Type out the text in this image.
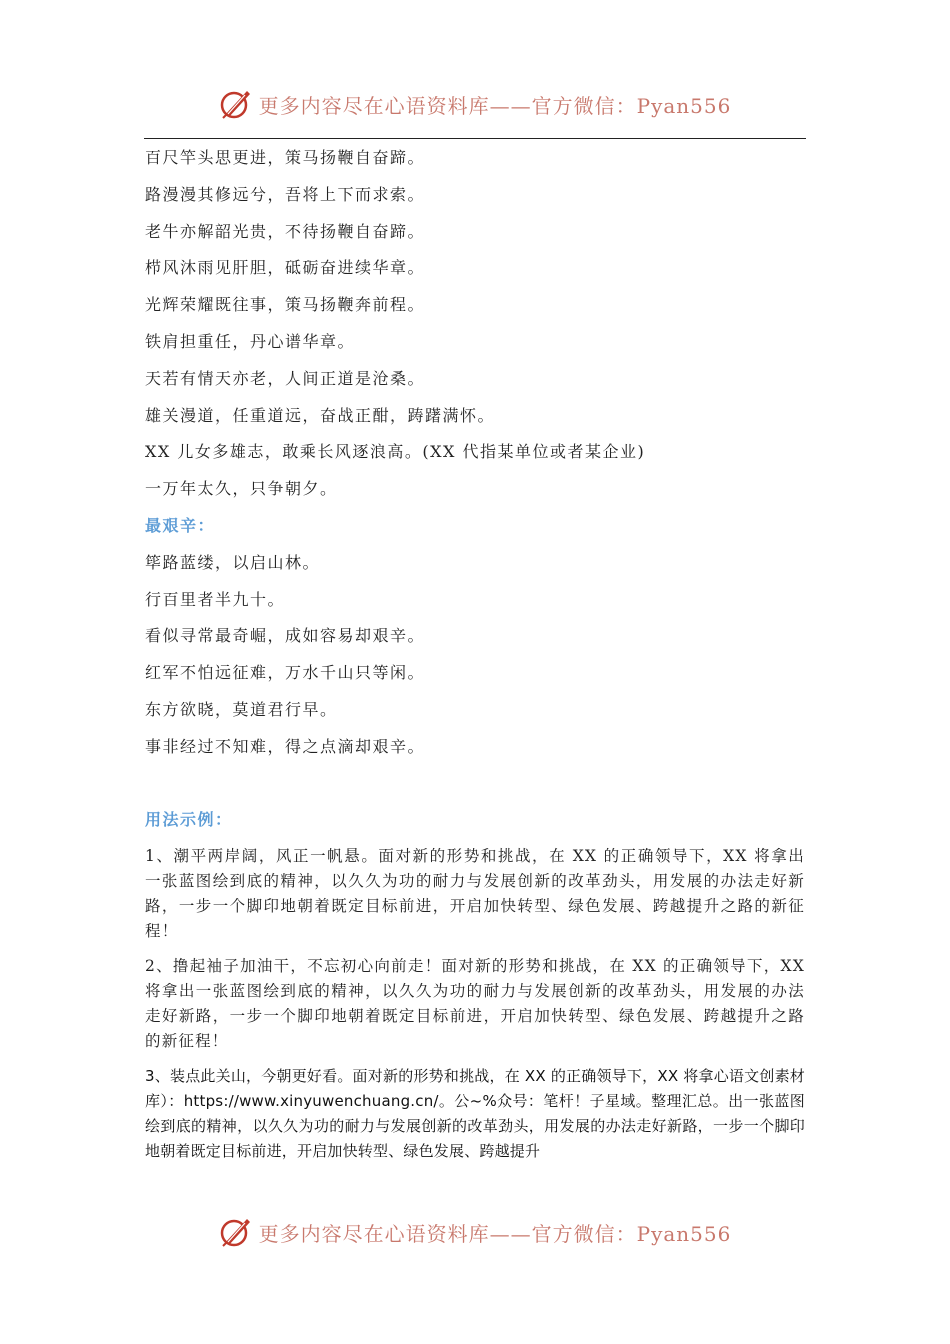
更多内容尽在心语资料库——官方微信：Pyan556
百尺竿头思更进，策马扬鞭自奋蹄。
路漫漫其修远兮，吾将上下而求索。
老牛亦解韶光贵，不待扬鞭自奋蹄。
栉风沐雨见肝胆，砥砺奋进续华章。
光辉荣耀既往事，策马扬鞭奔前程。
铁肩担重任，丹心谱华章。
天若有情天亦老，人间正道是沧桑。
雄关漫道，任重道远，奋战正酣，踌躇满怀。
XX 儿女多雄志，敢乘长风逐浪高。(XX 代指某单位或者某企业)
一万年太久，只争朝夕。
最艰辛：
筚路蓝缕，以启山林。
行百里者半九十。
看似寻常最奇崛，成如容易却艰辛。
红军不怕远征难，万水千山只等闲。
东方欲晓，莫道君行早。
事非经过不知难，得之点滴却艰辛。
用法示例：

1、潮平两岸阔，风正一帆悬。面对新的形势和挑战，在 XX 的正确领导下，XX 将拿出一张蓝图绘到底的精神，以久久为功的耐力与发展创新的改革劲头，用发展的办法走好新路，一步一个脚印地朝着既定目标前进，开启加快转型、绿色发展、跨越提升之路的新征程！

2、撸起袖子加油干，不忘初心向前走！面对新的形势和挑战，在 XX 的正确领导下，XX 将拿出一张蓝图绘到底的精神，以久久为功的耐力与发展创新的改革劲头，用发展的办法走好新路，一步一个脚印地朝着既定目标前进，开启加快转型、绿色发展、跨越提升之路的新征程！

3、装点此关山，今朝更好看。面对新的形势和挑战，在 XX 的正确领导下，XX 将拿心语文创素材库）：https://www.xinyuwenchuang.cn/。公~%众号：笔杆！子星域。整理汇总。出一张蓝图绘到底的精神，以久久为功的耐力与发展创新的改革劲头，用发展的办法走好新路，一步一个脚印地朝着既定目标前进，开启加快转型、绿色发展、跨越提升

更多内容尽在心语资料库——官方微信：Pyan556
